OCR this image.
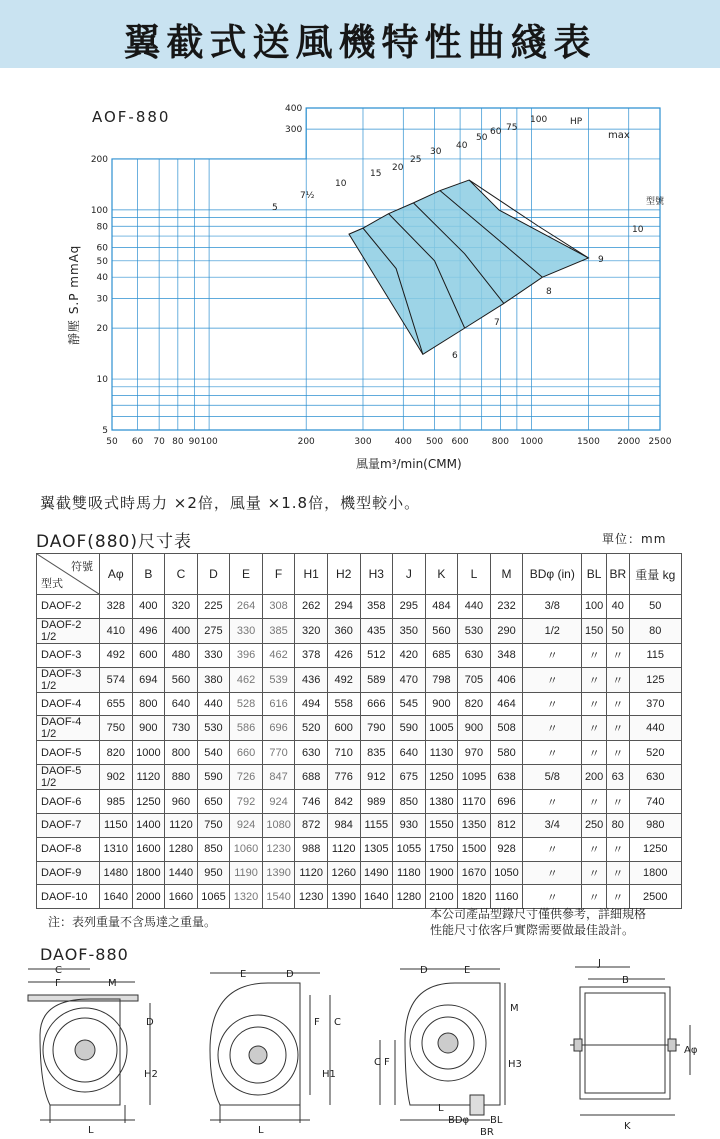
翼截式送風機特性曲綫表
AOF-880
靜壓 S.P mmAq
風量m³/min(CMM)
400
300
200
100
80
60
50
40
30
20
10
5
50 60 70 80 90 100	200	300	400 500 600	800 1000	1500 2000 2500
5
7½
10
15
20
25
30
40
50
60 75
100	HP
6
7
8
9
10
型號
max
翼截雙吸式時馬力 ×2倍，風量 ×1.8倍，機型較小。
DAOF(880)尺寸表	單位：mm
符號
型式	Aφ	B	C	D	E	F	H1	H2	H3	J	K	L	M	BDφ (in)	BL	BR	重量 kg
DAOF-2	328	400	320	225	264	308	262	294	358	295	484	440	232	3/8	100	40	50
DAOF-2 1/2	410	496	400	275	330	385	320	360	435	350	560	530	290	1/2	150	50	80
DAOF-3	492	600	480	330	396	462	378	426	512	420	685	630	348	〃	〃	〃	115
DAOF-3 1/2	574	694	560	380	462	539	436	492	589	470	798	705	406	〃	〃	〃	125
DAOF-4	655	800	640	440	528	616	494	558	666	545	900	820	464	〃	〃	〃	370
DAOF-4 1/2	750	900	730	530	586	696	520	600	790	590	1005	900	508	〃	〃	〃	440
DAOF-5	820	1000	800	540	660	770	630	710	835	640	1130	970	580	〃	〃	〃	520
DAOF-5 1/2	902	1120	880	590	726	847	688	776	912	675	1250	1095	638	5/8	200	63	630
DAOF-6	985	1250	960	650	792	924	746	842	989	850	1380	1170	696	〃	〃	〃	740
DAOF-7	1150	1400	1120	750	924	1080	872	984	1155	930	1550	1350	812	3/4	250	80	980
DAOF-8	1310	1600	1280	850	1060	1230	988	1120	1305	1055	1750	1500	928	〃	〃	〃	1250
DAOF-9	1480	1800	1440	950	1190	1390	1120	1260	1490	1180	1900	1670	1050	〃	〃	〃	1800
DAOF-10	1640	2000	1660	1065	1320	1540	1230	1390	1640	1280	2100	1820	1160	〃	〃	〃	2500
注：表列重量不含馬達之重量。
本公司產品型錄尺寸僅供參考，詳細規格
性能尺寸依客戶實際需要做最佳設計。
DAOF-880
C
F	M
D
H2
L
E	D
F C
H1
L
D	E
M
H3
C F
L
BDφ BL
BR
J
B
Aφ
K
